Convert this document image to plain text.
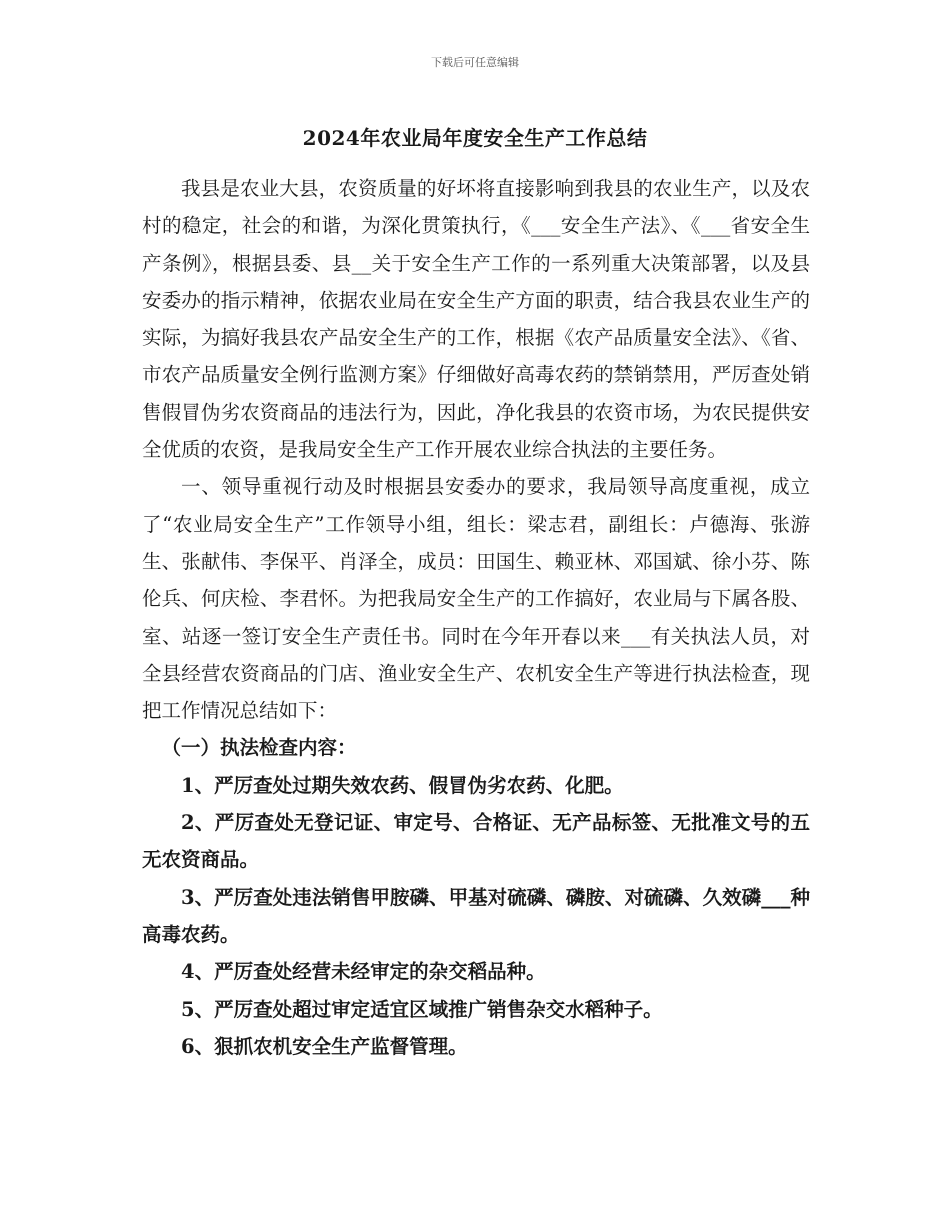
下载后可任意编辑
2024年农业局年度安全生产工作总结

我县是农业大县，农资质量的好坏将直接影响到我县的农业生产，以及农村的稳定，社会的和谐，为深化贯策执行，《___安全生产法》、《___省安全生产条例》，根据县委、县__关于安全生产工作的一系列重大决策部署，以及县安委办的指示精神，依据农业局在安全生产方面的职责，结合我县农业生产的实际，为搞好我县农产品安全生产的工作，根据《农产品质量安全法》、《省、市农产品质量安全例行监测方案》仔细做好高毒农药的禁销禁用，严厉查处销售假冒伪劣农资商品的违法行为，因此，净化我县的农资市场，为农民提供安全优质的农资，是我局安全生产工作开展农业综合执法的主要任务。

一、领导重视行动及时根据县安委办的要求，我局领导高度重视，成立了“农业局安全生产”工作领导小组，组长：梁志君，副组长：卢德海、张游生、张献伟、李保平、肖泽全，成员：田国生、赖亚林、邓国斌、徐小芬、陈伦兵、何庆检、李君怀。为把我局安全生产的工作搞好，农业局与下属各股、室、站逐一签订安全生产责任书。同时在今年开春以来___有关执法人员，对全县经营农资商品的门店、渔业安全生产、农机安全生产等进行执法检查，现把工作情况总结如下：

（一）执法检查内容：

1、严厉查处过期失效农药、假冒伪劣农药、化肥。

2、严厉查处无登记证、审定号、合格证、无产品标签、无批准文号的五无农资商品。

3、严厉查处违法销售甲胺磷、甲基对硫磷、磷胺、对硫磷、久效磷___种高毒农药。

4、严厉查处经营未经审定的杂交稻品种。

5、严厉查处超过审定适宜区域推广销售杂交水稻种子。

6、狠抓农机安全生产监督管理。
